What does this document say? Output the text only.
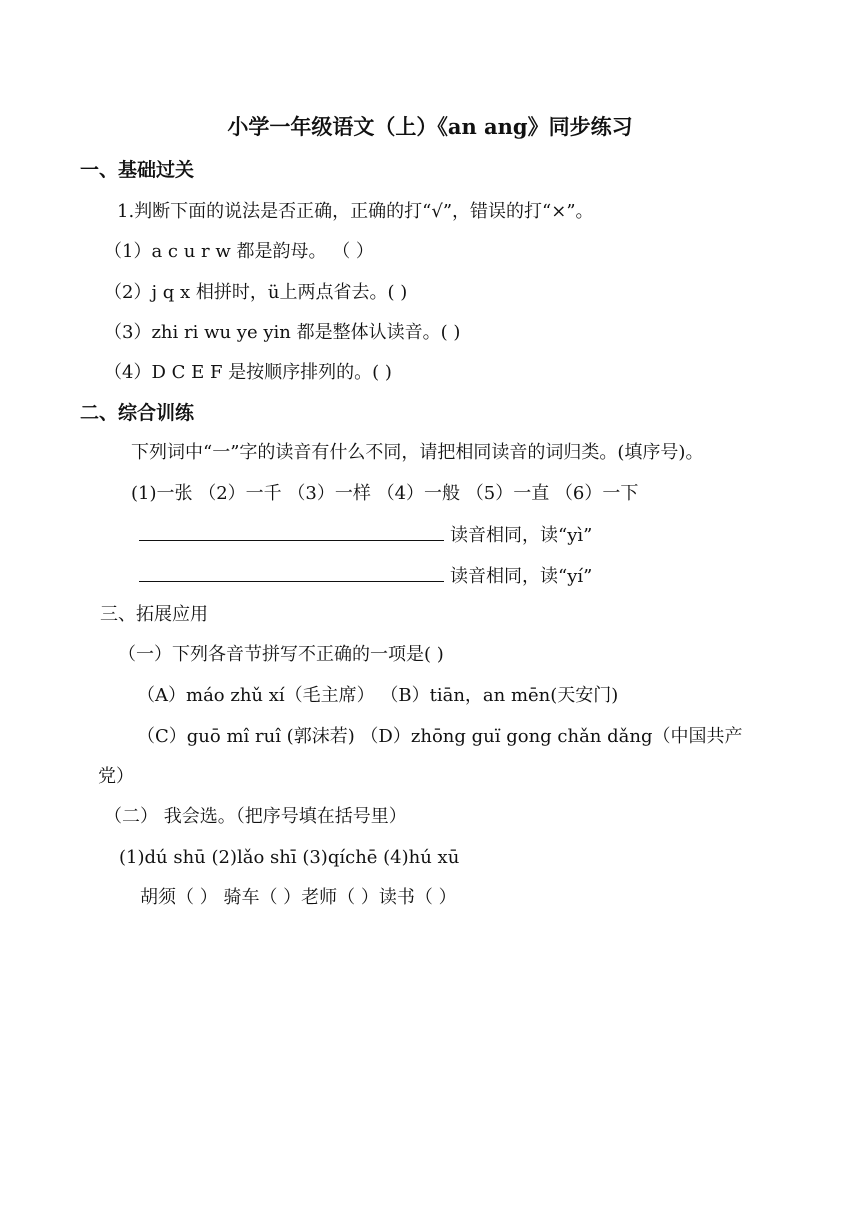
小学一年级语文（上）《an ang》同步练习
一、基础过关
1.判断下面的说法是否正确，正确的打“√”，错误的打“×”。
（1）a c u r w 都是韵母。 （ ）
（2）j q x 相拼时，ü上两点省去。( )
（3）zhi ri wu ye yin 都是整体认读音。( )
（4）D C E F 是按顺序排列的。( )
二、综合训练
下列词中“一”字的读音有什么不同，请把相同读音的词归类。(填序号)。
(1)一张 （2）一千 （3）一样 （4）一般 （5）一直 （6）一下
读音相同，读“yì”
读音相同，读“yí”
三、拓展应用
（一）下列各音节拼写不正确的一项是( )
（A）máo zhǔ xí（毛主席） （B）tiān，an mēn(天安门)
（C）guō mî ruî (郭沫若) （D）zhōng guï gong chǎn dǎng（中国共产
党）
（二） 我会选。（把序号填在括号里）
(1)dú shū (2)lǎo shī (3)qíchē (4)hú xū
胡须（ ） 骑车（ ）老师（ ）读书（ ）
